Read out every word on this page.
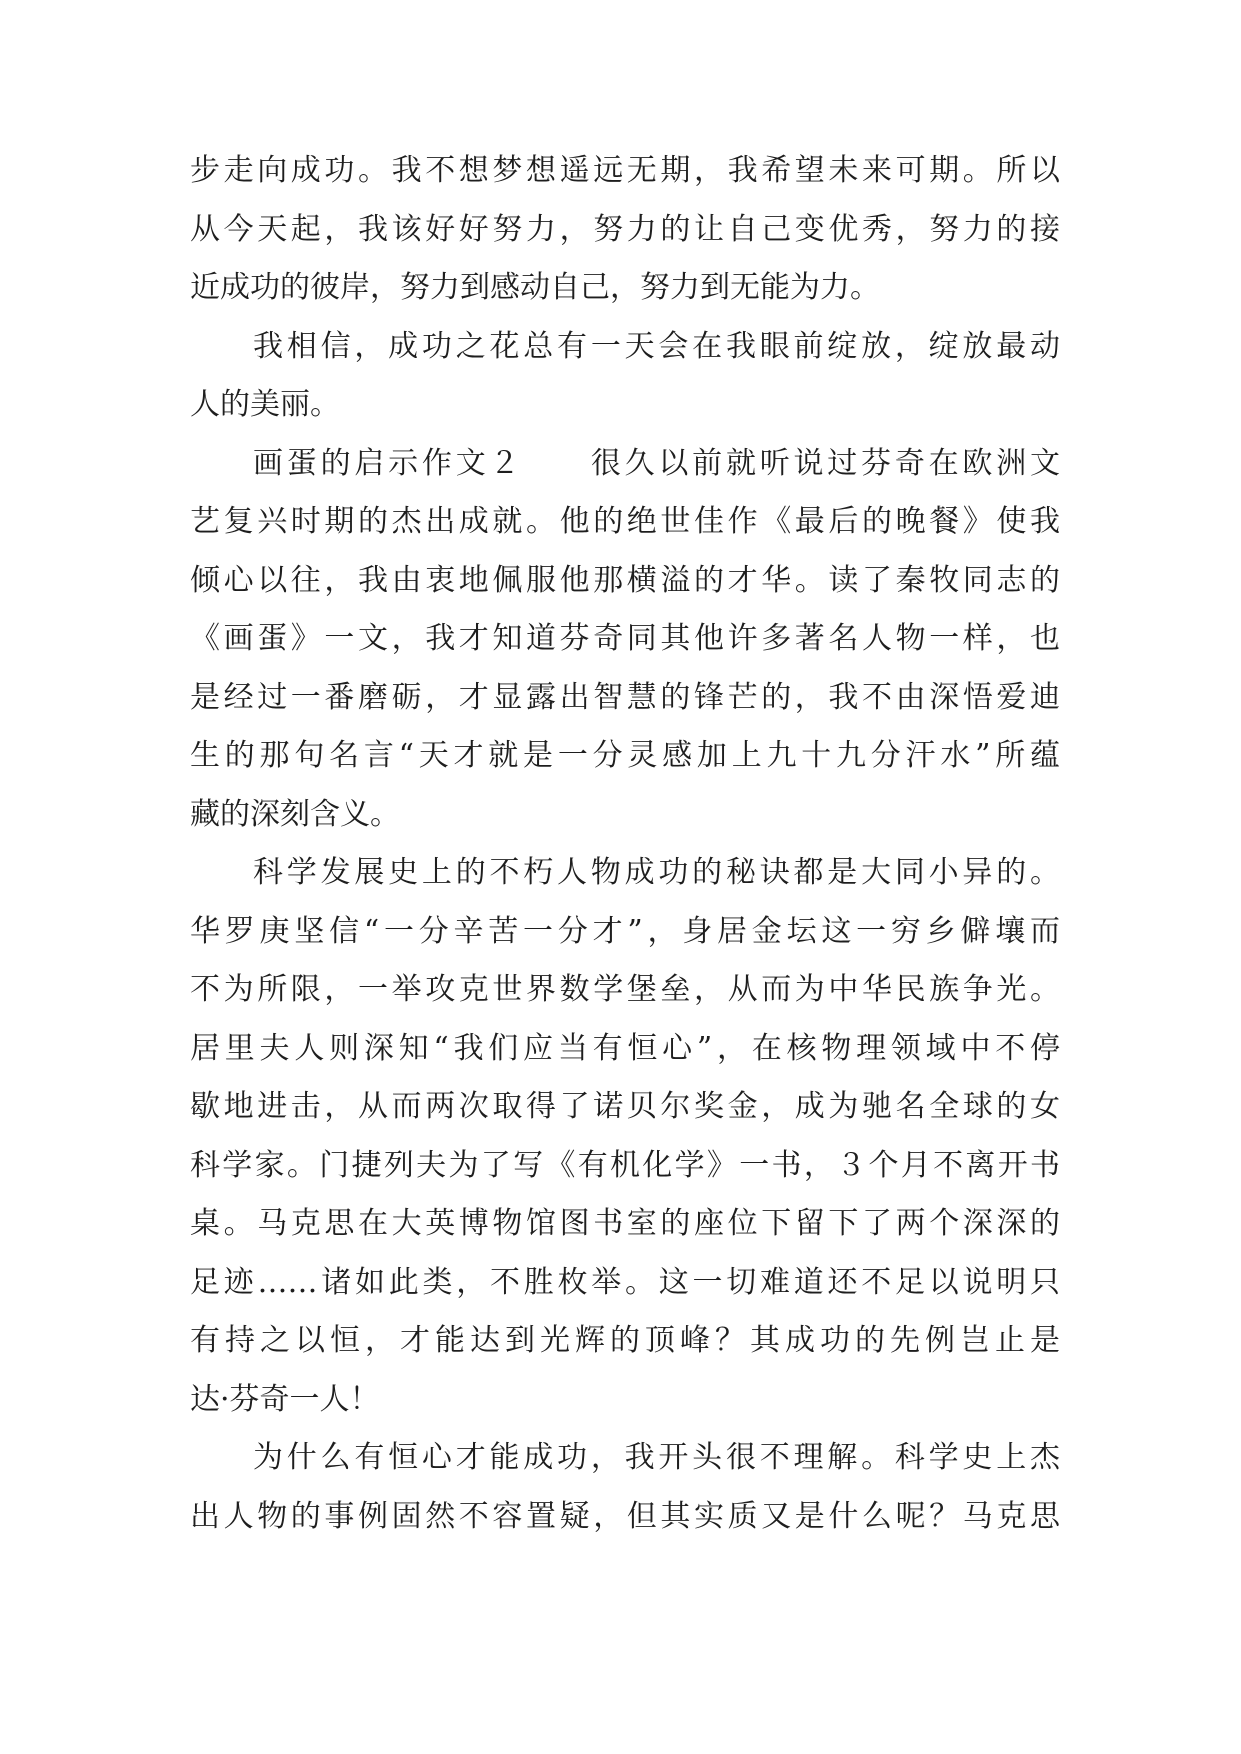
步走向成功。我不想梦想遥远无期，我希望未来可期。所以
从今天起，我该好好努力，努力的让自己变优秀，努力的接
近成功的彼岸，努力到感动自己，努力到无能为力。
我相信，成功之花总有一天会在我眼前绽放，绽放最动
人的美丽。
画蛋的启示作文２　　很久以前就听说过芬奇在欧洲文
艺复兴时期的杰出成就。他的绝世佳作《最后的晚餐》使我
倾心以往，我由衷地佩服他那横溢的才华。读了秦牧同志的
《画蛋》一文，我才知道芬奇同其他许多著名人物一样，也
是经过一番磨砺，才显露出智慧的锋芒的，我不由深悟爱迪
生的那句名言“天才就是一分灵感加上九十九分汗水”所蕴
藏的深刻含义。
科学发展史上的不朽人物成功的秘诀都是大同小异的。
华罗庚坚信“一分辛苦一分才”，身居金坛这一穷乡僻壤而
不为所限，一举攻克世界数学堡垒，从而为中华民族争光。
居里夫人则深知“我们应当有恒心”，在核物理领域中不停
歇地进击，从而两次取得了诺贝尔奖金，成为驰名全球的女
科学家。门捷列夫为了写《有机化学》一书，３个月不离开书
桌。马克思在大英博物馆图书室的座位下留下了两个深深的
足迹……诸如此类，不胜枚举。这一切难道还不足以说明只
有持之以恒，才能达到光辉的顶峰？其成功的先例岂止是
达·芬奇一人！
为什么有恒心才能成功，我开头很不理解。科学史上杰
出人物的事例固然不容置疑，但其实质又是什么呢？马克思
